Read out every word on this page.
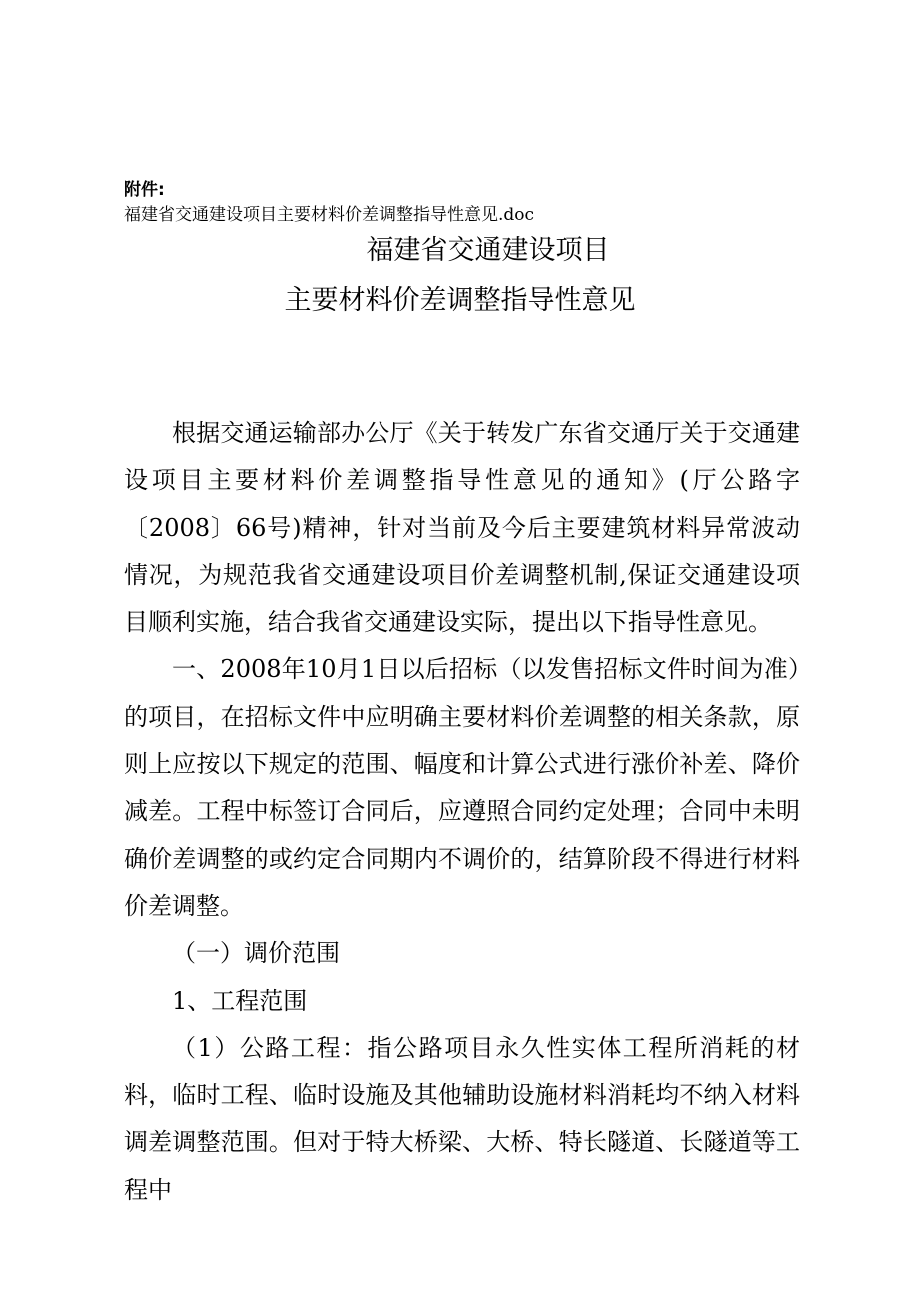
附件:
福建省交通建设项目主要材料价差调整指导性意见.doc
福建省交通建设项目
主要材料价差调整指导性意见

根据交通运输部办公厅《关于转发广东省交通厅关于交通建设项目主要材料价差调整指导性意见的通知》(厅公路字〔2008〕66号)精神，针对当前及今后主要建筑材料异常波动情况，为规范我省交通建设项目价差调整机制,保证交通建设项目顺利实施，结合我省交通建设实际，提出以下指导性意见。

一、2008年10月1日以后招标（以发售招标文件时间为准）的项目，在招标文件中应明确主要材料价差调整的相关条款，原则上应按以下规定的范围、幅度和计算公式进行涨价补差、降价减差。工程中标签订合同后，应遵照合同约定处理；合同中未明确价差调整的或约定合同期内不调价的，结算阶段不得进行材料价差调整。

（一）调价范围

1、工程范围

（1）公路工程：指公路项目永久性实体工程所消耗的材料，临时工程、临时设施及其他辅助设施材料消耗均不纳入材料调差调整范围。但对于特大桥梁、大桥、特长隧道、长隧道等工程中
